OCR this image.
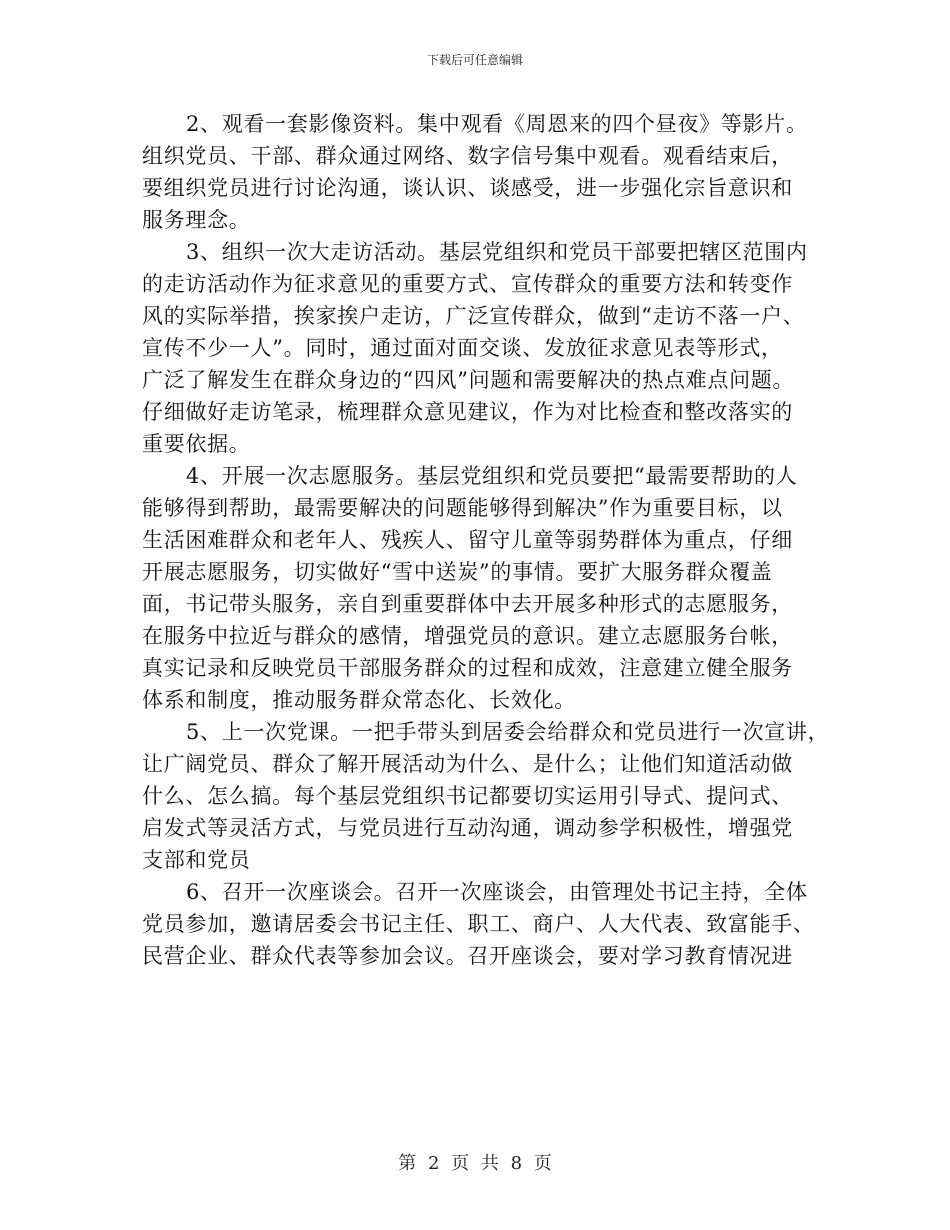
下载后可任意编辑
2、观看一套影像资料。集中观看《周恩来的四个昼夜》等影片。
组织党员、干部、群众通过网络、数字信号集中观看。观看结束后，
要组织党员进行讨论沟通，谈认识、谈感受，进一步强化宗旨意识和
服务理念。
3、组织一次大走访活动。基层党组织和党员干部要把辖区范围内
的走访活动作为征求意见的重要方式、宣传群众的重要方法和转变作
风的实际举措，挨家挨户走访，广泛宣传群众，做到“走访不落一户、
宣传不少一人”。同时，通过面对面交谈、发放征求意见表等形式，
广泛了解发生在群众身边的“四风”问题和需要解决的热点难点问题。
仔细做好走访笔录，梳理群众意见建议，作为对比检查和整改落实的
重要依据。
4、开展一次志愿服务。基层党组织和党员要把“最需要帮助的人
能够得到帮助，最需要解决的问题能够得到解决”作为重要目标，以
生活困难群众和老年人、残疾人、留守儿童等弱势群体为重点，仔细
开展志愿服务，切实做好“雪中送炭”的事情。要扩大服务群众覆盖
面，书记带头服务，亲自到重要群体中去开展多种形式的志愿服务，
在服务中拉近与群众的感情，增强党员的意识。建立志愿服务台帐，
真实记录和反映党员干部服务群众的过程和成效，注意建立健全服务
体系和制度，推动服务群众常态化、长效化。
5、上一次党课。一把手带头到居委会给群众和党员进行一次宣讲，
让广阔党员、群众了解开展活动为什么、是什么；让他们知道活动做
什么、怎么搞。每个基层党组织书记都要切实运用引导式、提问式、
启发式等灵活方式，与党员进行互动沟通，调动参学积极性，增强党
支部和党员
6、召开一次座谈会。召开一次座谈会，由管理处书记主持，全体
党员参加，邀请居委会书记主任、职工、商户、人大代表、致富能手、
民营企业、群众代表等参加会议。召开座谈会，要对学习教育情况进
第 2 页 共 8 页
